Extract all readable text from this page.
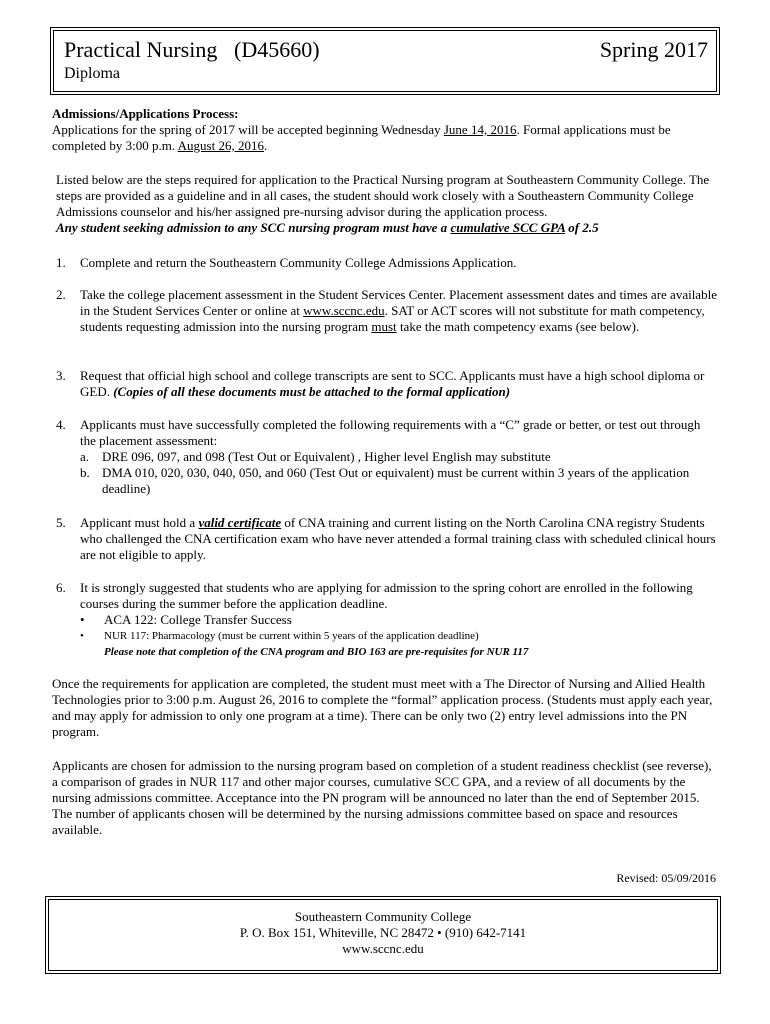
Practical Nursing (D45660)	Spring 2017
Diploma
Admissions/Applications Process:
Applications for the spring of 2017 will be accepted beginning Wednesday June 14, 2016. Formal applications must be completed by 3:00 p.m. August 26, 2016.
Listed below are the steps required for application to the Practical Nursing program at Southeastern Community College. The steps are provided as a guideline and in all cases, the student should work closely with a Southeastern Community College Admissions counselor and his/her assigned pre-nursing advisor during the application process.
Any student seeking admission to any SCC nursing program must have a cumulative SCC GPA of 2.5
1. Complete and return the Southeastern Community College Admissions Application.
2. Take the college placement assessment in the Student Services Center. Placement assessment dates and times are available in the Student Services Center or online at www.sccnc.edu. SAT or ACT scores will not substitute for math competency, students requesting admission into the nursing program must take the math competency exams (see below).
3. Request that official high school and college transcripts are sent to SCC. Applicants must have a high school diploma or GED. (Copies of all these documents must be attached to the formal application)
4. Applicants must have successfully completed the following requirements with a “C” grade or better, or test out through the placement assessment:
a. DRE 096, 097, and 098 (Test Out or Equivalent) , Higher level English may substitute
b. DMA 010, 020, 030, 040, 050, and 060 (Test Out or equivalent) must be current within 3 years of the application deadline)
5. Applicant must hold a valid certificate of CNA training and current listing on the North Carolina CNA registry Students who challenged the CNA certification exam who have never attended a formal training class with scheduled clinical hours are not eligible to apply.
6. It is strongly suggested that students who are applying for admission to the spring cohort are enrolled in the following courses during the summer before the application deadline.
• ACA 122: College Transfer Success
• NUR 117: Pharmacology (must be current within 5 years of the application deadline)
Please note that completion of the CNA program and BIO 163 are pre-requisites for NUR 117
Once the requirements for application are completed, the student must meet with a The Director of Nursing and Allied Health Technologies prior to 3:00 p.m. August 26, 2016 to complete the “formal” application process. (Students must apply each year, and may apply for admission to only one program at a time). There can be only two (2) entry level admissions into the PN program.
Applicants are chosen for admission to the nursing program based on completion of a student readiness checklist (see reverse), a comparison of grades in NUR 117 and other major courses, cumulative SCC GPA, and a review of all documents by the nursing admissions committee. Acceptance into the PN program will be announced no later than the end of September 2015. The number of applicants chosen will be determined by the nursing admissions committee based on space and resources available.
Revised: 05/09/2016
Southeastern Community College
P. O. Box 151, Whiteville, NC 28472 • (910) 642-7141
www.sccnc.edu
